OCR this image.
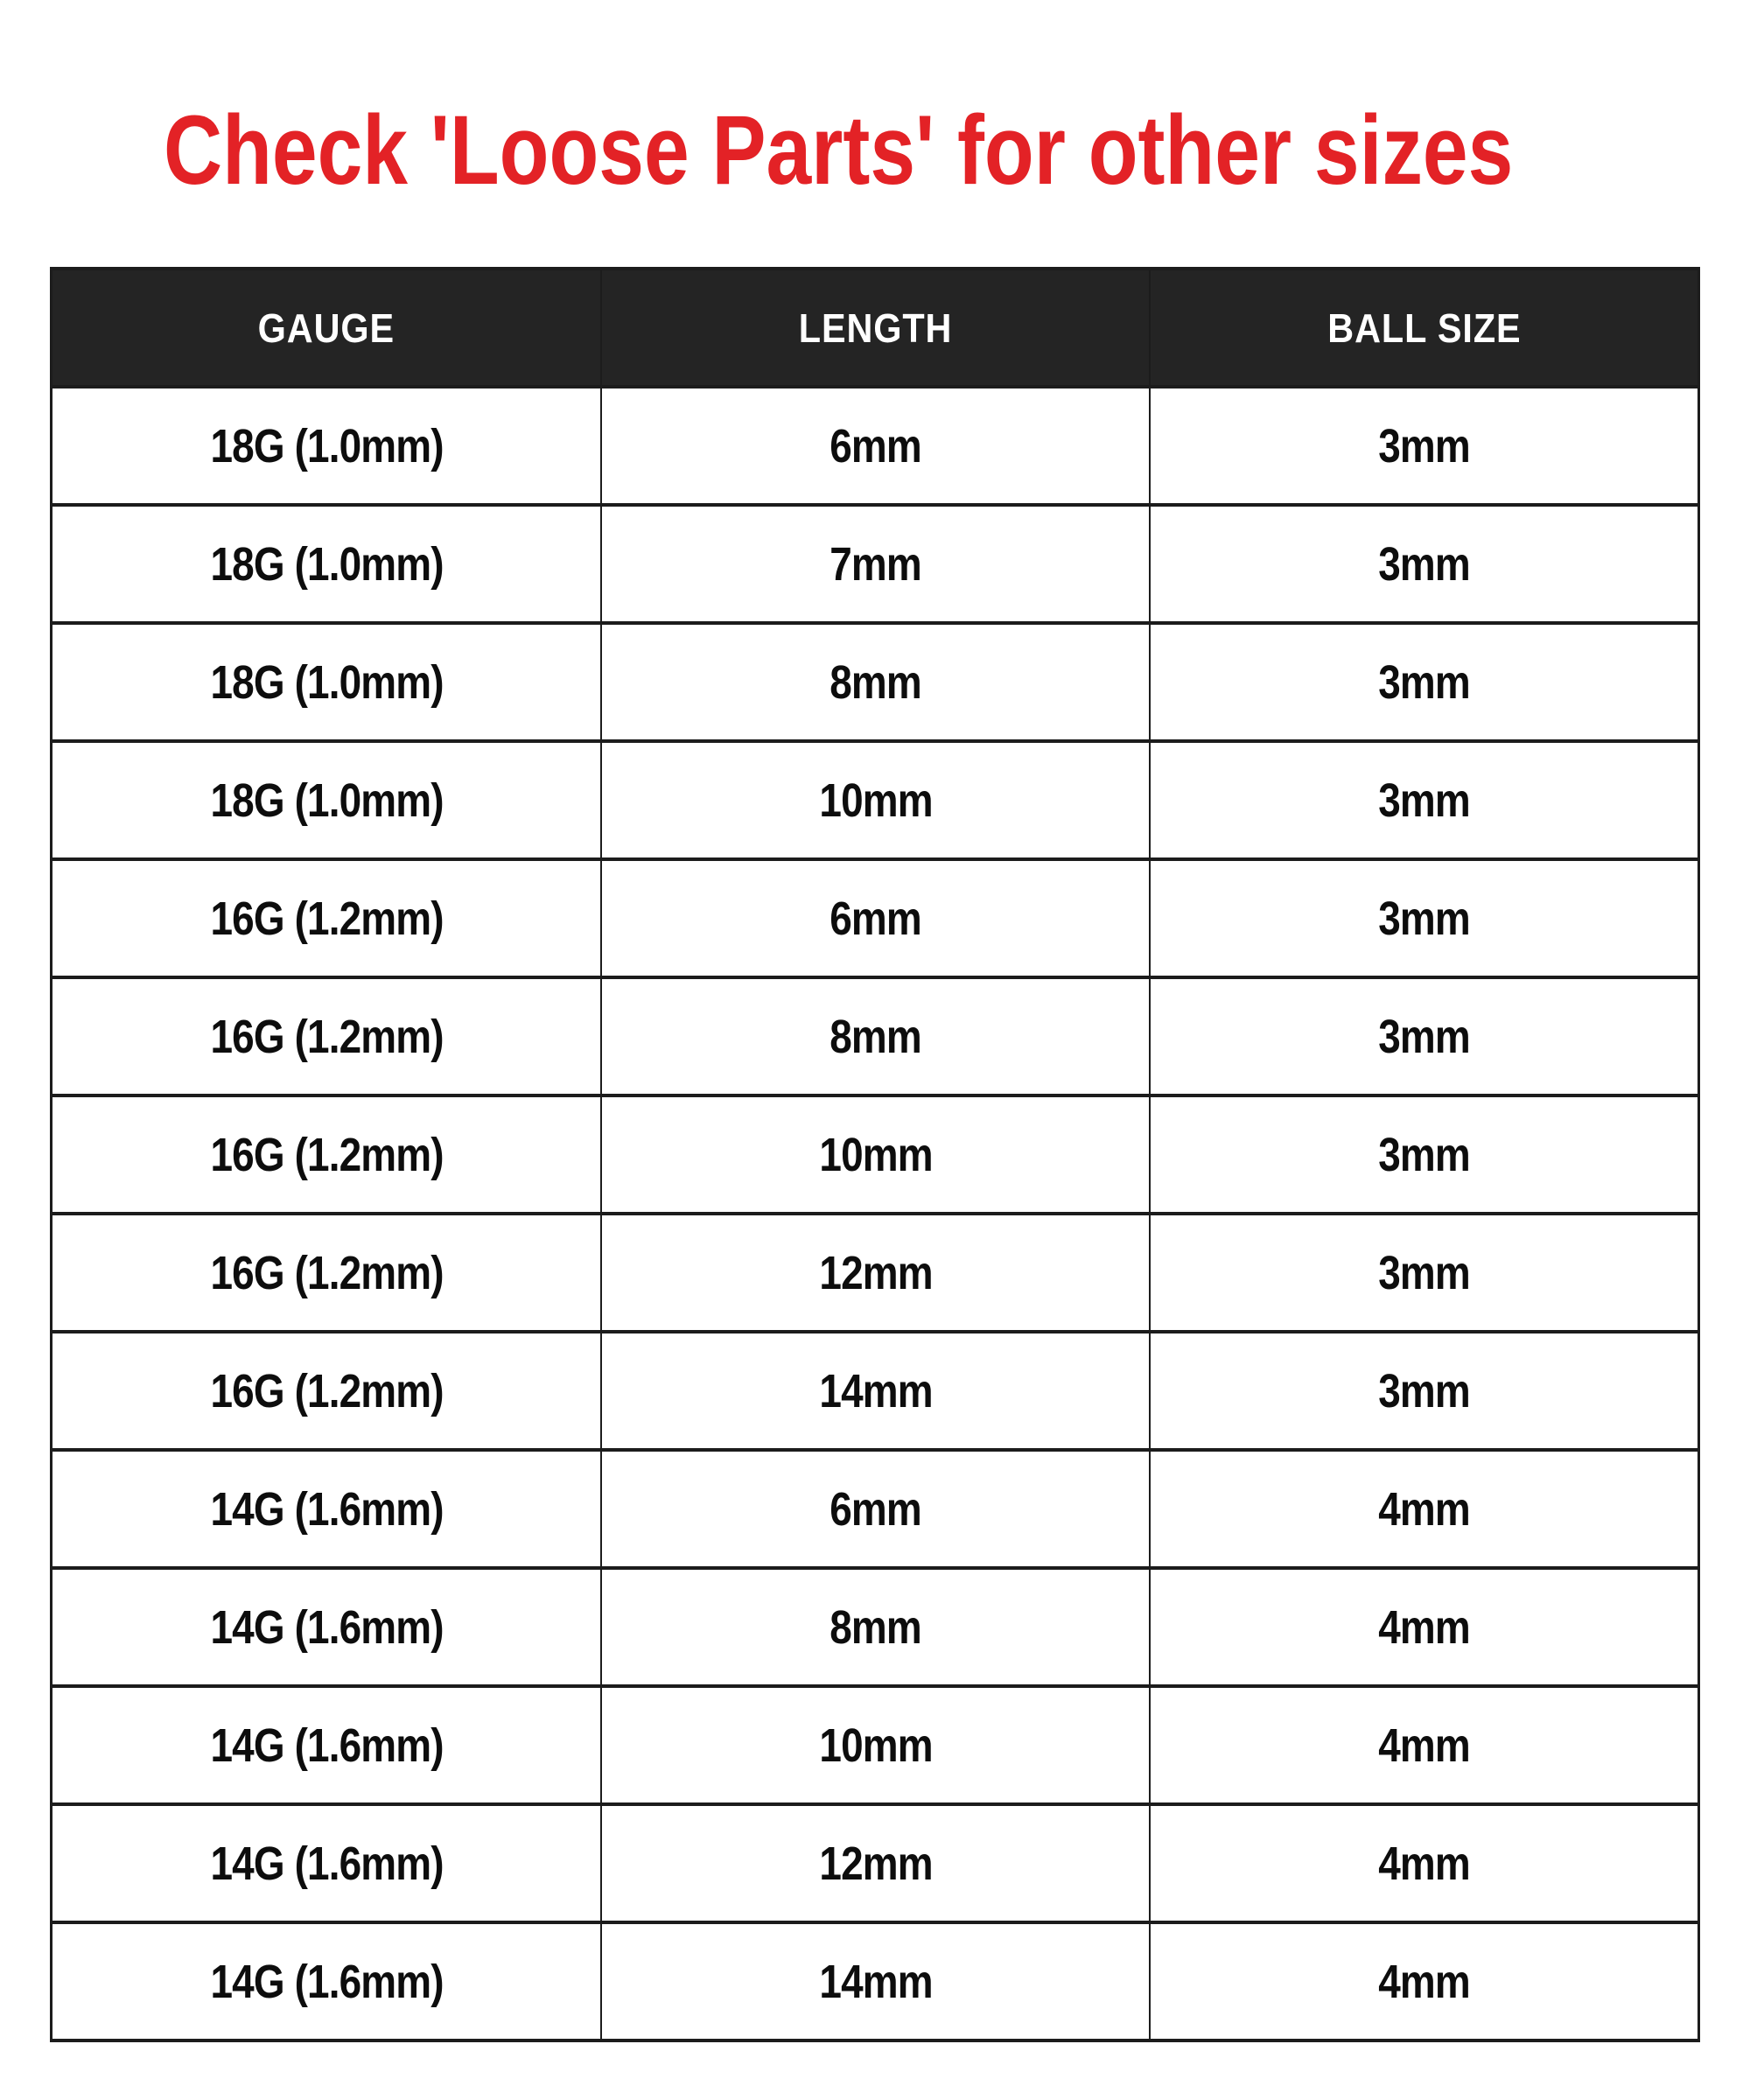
Check 'Loose Parts' for other sizes
GAUGE	LENGTH	BALL SIZE
18G (1.0mm)	6mm	3mm
18G (1.0mm)	7mm	3mm
18G (1.0mm)	8mm	3mm
18G (1.0mm)	10mm	3mm
16G (1.2mm)	6mm	3mm
16G (1.2mm)	8mm	3mm
16G (1.2mm)	10mm	3mm
16G (1.2mm)	12mm	3mm
16G (1.2mm)	14mm	3mm
14G (1.6mm)	6mm	4mm
14G (1.6mm)	8mm	4mm
14G (1.6mm)	10mm	4mm
14G (1.6mm)	12mm	4mm
14G (1.6mm)	14mm	4mm
